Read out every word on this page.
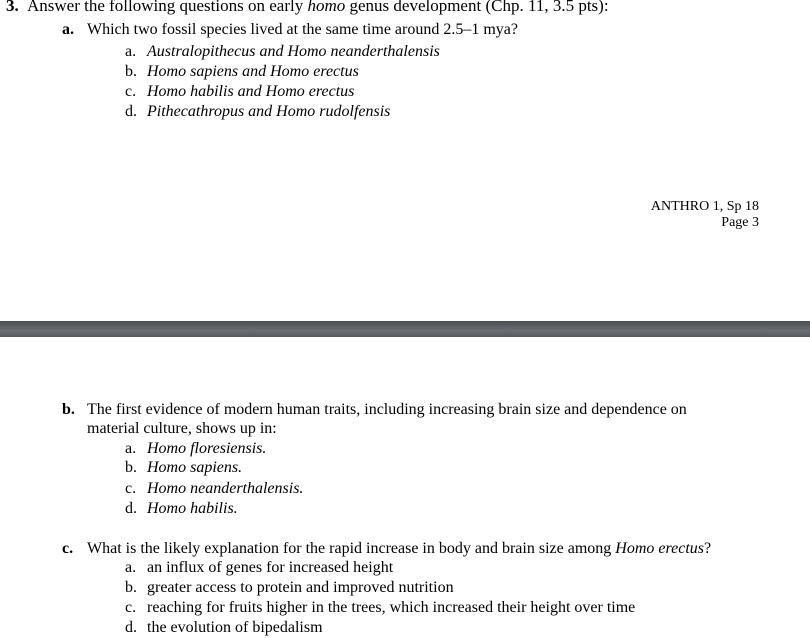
3. Answer the following questions on early homo genus development (Chp. 11, 3.5 pts):
a. Which two fossil species lived at the same time around 2.5–1 mya?
a. Australopithecus and Homo neanderthalensis
b. Homo sapiens and Homo erectus
c. Homo habilis and Homo erectus
d. Pithecathropus and Homo rudolfensis
ANTHRO 1, Sp 18
Page 3
b. The first evidence of modern human traits, including increasing brain size and dependence on
material culture, shows up in:
a. Homo floresiensis.
b. Homo sapiens.
c. Homo neanderthalensis.
d. Homo habilis.
c. What is the likely explanation for the rapid increase in body and brain size among Homo erectus?
a. an influx of genes for increased height
b. greater access to protein and improved nutrition
c. reaching for fruits higher in the trees, which increased their height over time
d. the evolution of bipedalism
